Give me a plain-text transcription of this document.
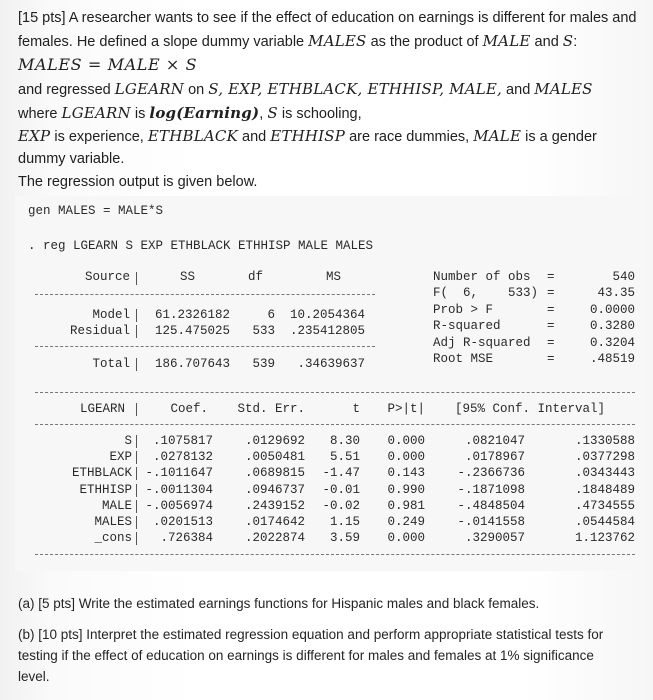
[15 pts] A researcher wants to see if the effect of education on earnings is different for males and
females. He defined a slope dummy variable MALES as the product of MALE and S:
MALES = MALE × S
and regressed LGEARN on S, EXP, ETHBLACK, ETHHISP, MALE, and MALES
where LGEARN is log(Earning), S is schooling,
EXP is experience, ETHBLACK and ETHHISP are race dummies, MALE is a gender
dummy variable.
The regression output is given below.
gen MALES = MALE*S
. reg LGEARN S EXP ETHBLACK ETHHISP MALE MALES
Source	SS	df	MS
Model	61.2326182	6	10.2054364
Residual	125.475025	533	.235412805
Total	186.707643	539	.34639637
Number of obs =	540
F(  6,    533) =	43.35
Prob > F	=	0.0000
R-squared	=	0.3280
Adj R-squared =	0.3204
Root MSE	=	.48519
LGEARN	Coef.	Std. Err.	t	P>|t| [95% Conf. Interval]
S	.1075817	.0129692	8.30	0.000	.0821047	.1330588
EXP	.0278132	.0050481	5.51	0.000	.0178967	.0377298
ETHBLACK -.1011647	.0689815	-1.47	0.143	-.2366736	.0343443
ETHHISP -.0011304	.0946737	-0.01	0.990	-.1871098	.1848489
MALE -.0056974	.2439152	-0.02	0.981	-.4848504	.4734555
MALES	.0201513	.0174642	1.15	0.249	-.0141558	.0544584
_cons	.726384	.2022874	3.59	0.000	.3290057	1.123762
(a) [5 pts] Write the estimated earnings functions for Hispanic males and black females.
(b) [10 pts] Interpret the estimated regression equation and perform appropriate statistical tests for
testing if the effect of education on earnings is different for males and females at 1% significance
level.
